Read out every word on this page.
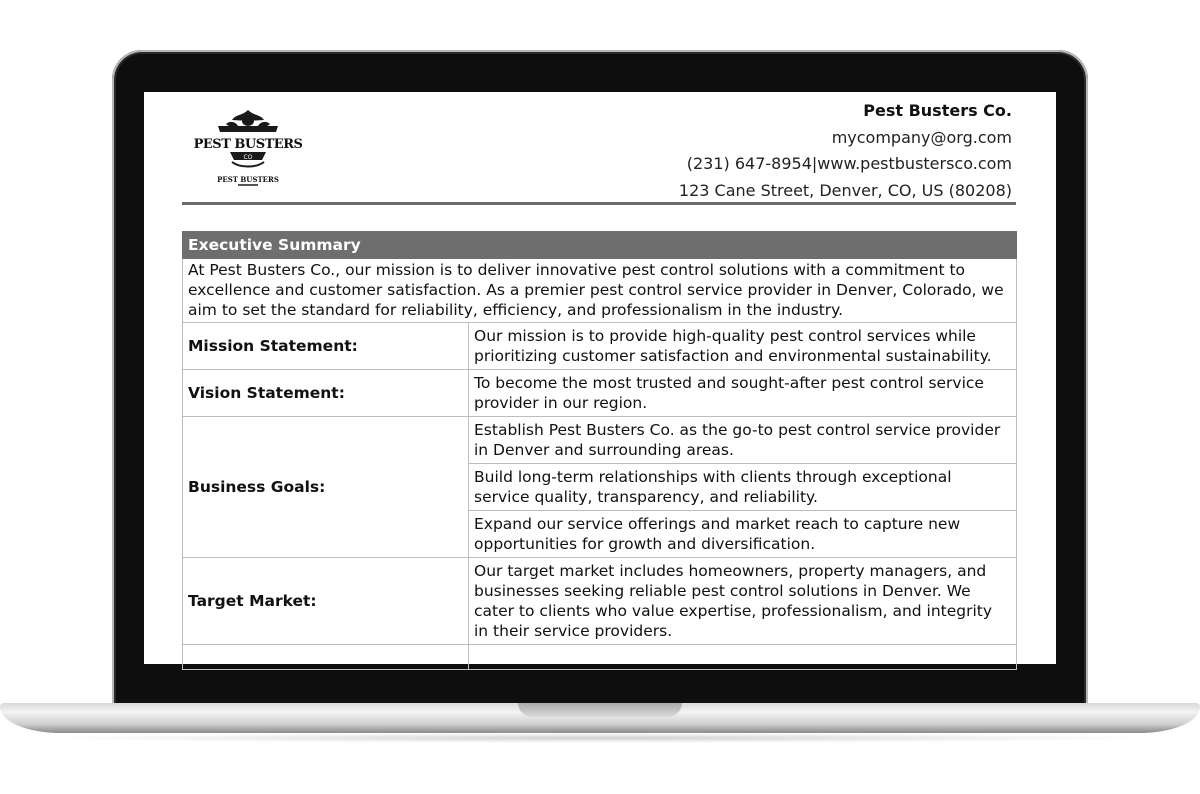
PEST BUSTERS
CO
PEST BUSTERS
Pest Busters Co.
mycompany@org.com
(231) 647-8954|www.pestbustersco.com
123 Cane Street, Denver, CO, US (80208)
Executive Summary	
At Pest Busters Co., our mission is to deliver innovative pest control solutions with a commitment to excellence and customer satisfaction. As a premier pest control service provider in Denver, Colorado, we aim to set the standard for reliability, efficiency, and professionalism in the industry.	
Mission Statement:	Our mission is to provide high-quality pest control services while prioritizing customer satisfaction and environmental sustainability.
Vision Statement:	To become the most trusted and sought-after pest control service provider in our region.
Business Goals:	Establish Pest Busters Co. as the go-to pest control service provider in Denver and surrounding areas.
	Build long-term relationships with clients through exceptional service quality, transparency, and reliability.
	Expand our service offerings and market reach to capture new opportunities for growth and diversification.
Target Market:	Our target market includes homeowners, property managers, and businesses seeking reliable pest control solutions in Denver. We cater to clients who value expertise, professionalism, and integrity in their service providers.
